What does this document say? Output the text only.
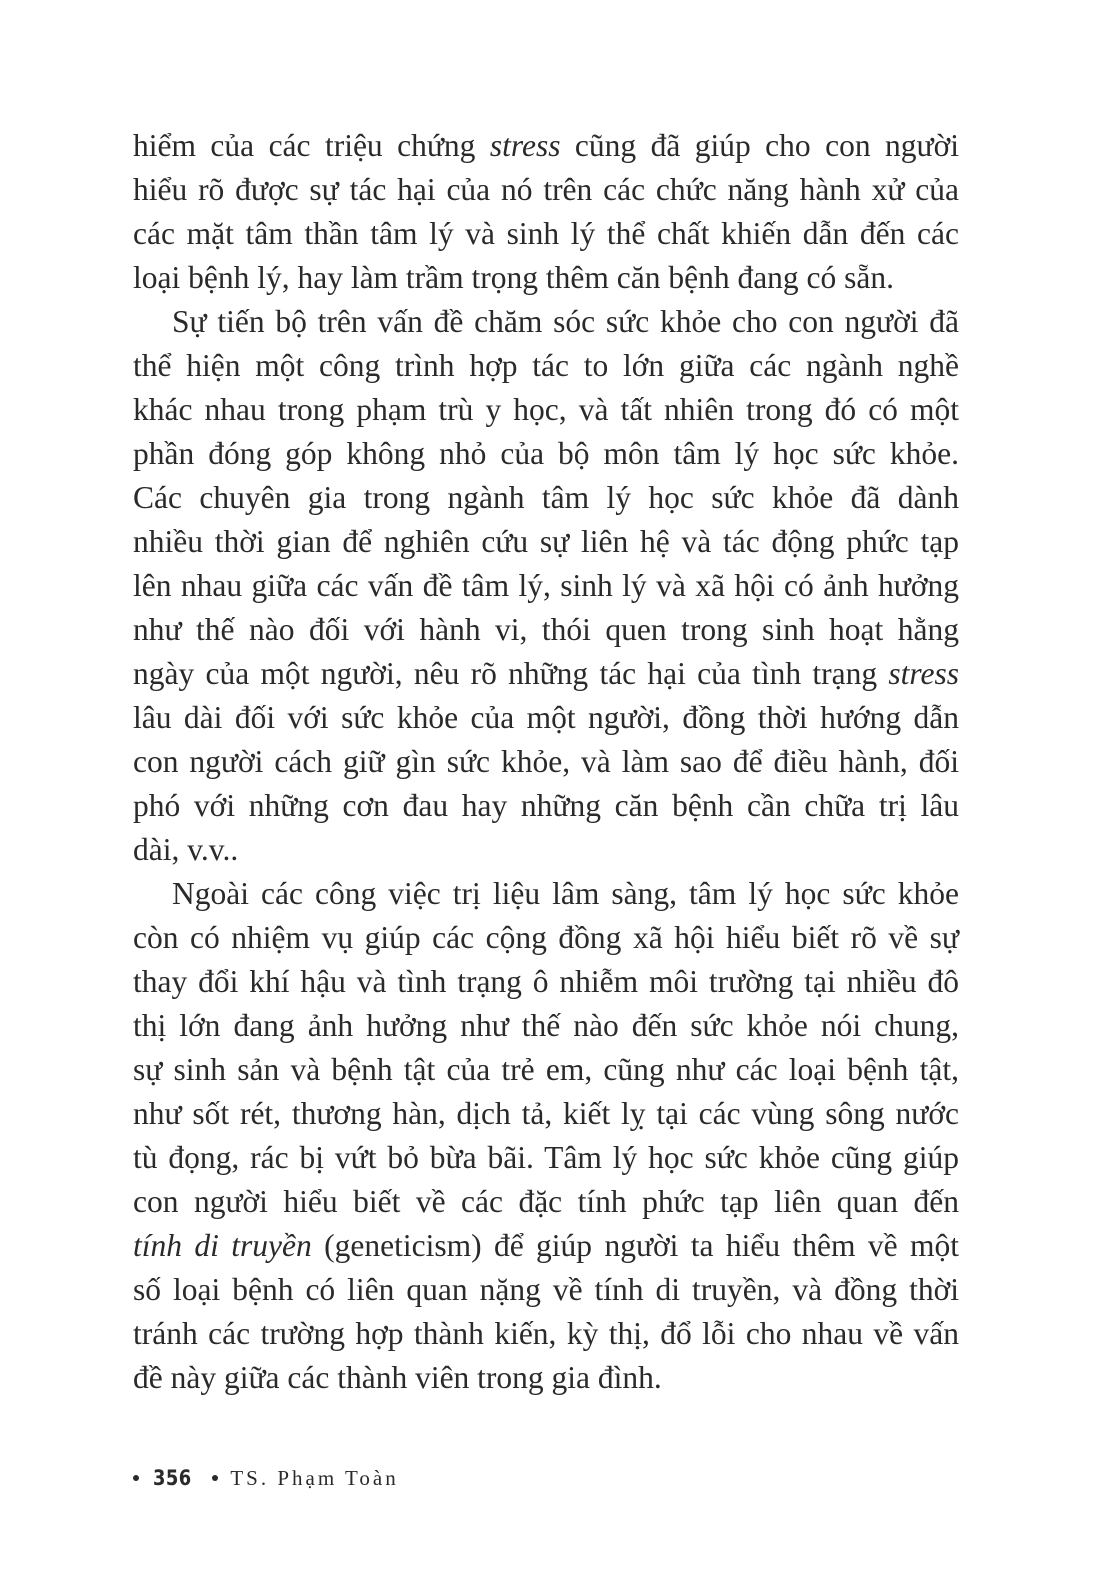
hiểm của các triệu chứng stress cũng đã giúp cho con người
hiểu rõ được sự tác hại của nó trên các chức năng hành xử của
các mặt tâm thần tâm lý và sinh lý thể chất khiến dẫn đến các
loại bệnh lý, hay làm trầm trọng thêm căn bệnh đang có sẵn.
Sự tiến bộ trên vấn đề chăm sóc sức khỏe cho con người đã
thể hiện một công trình hợp tác to lớn giữa các ngành nghề
khác nhau trong phạm trù y học, và tất nhiên trong đó có một
phần đóng góp không nhỏ của bộ môn tâm lý học sức khỏe.
Các chuyên gia trong ngành tâm lý học sức khỏe đã dành
nhiều thời gian để nghiên cứu sự liên hệ và tác động phức tạp
lên nhau giữa các vấn đề tâm lý, sinh lý và xã hội có ảnh hưởng
như thế nào đối với hành vi, thói quen trong sinh hoạt hằng
ngày của một người, nêu rõ những tác hại của tình trạng stress
lâu dài đối với sức khỏe của một người, đồng thời hướng dẫn
con người cách giữ gìn sức khỏe, và làm sao để điều hành, đối
phó với những cơn đau hay những căn bệnh cần chữa trị lâu
dài, v.v..
Ngoài các công việc trị liệu lâm sàng, tâm lý học sức khỏe
còn có nhiệm vụ giúp các cộng đồng xã hội hiểu biết rõ về sự
thay đổi khí hậu và tình trạng ô nhiễm môi trường tại nhiều đô
thị lớn đang ảnh hưởng như thế nào đến sức khỏe nói chung,
sự sinh sản và bệnh tật của trẻ em, cũng như các loại bệnh tật,
như sốt rét, thương hàn, dịch tả, kiết lỵ tại các vùng sông nước
tù đọng, rác bị vứt bỏ bừa bãi. Tâm lý học sức khỏe cũng giúp
con người hiểu biết về các đặc tính phức tạp liên quan đến
tính di truyền (geneticism) để giúp người ta hiểu thêm về một
số loại bệnh có liên quan nặng về tính di truyền, và đồng thời
tránh các trường hợp thành kiến, kỳ thị, đổ lỗi cho nhau về vấn
đề này giữa các thành viên trong gia đình.
356 TS. Phạm Toàn
